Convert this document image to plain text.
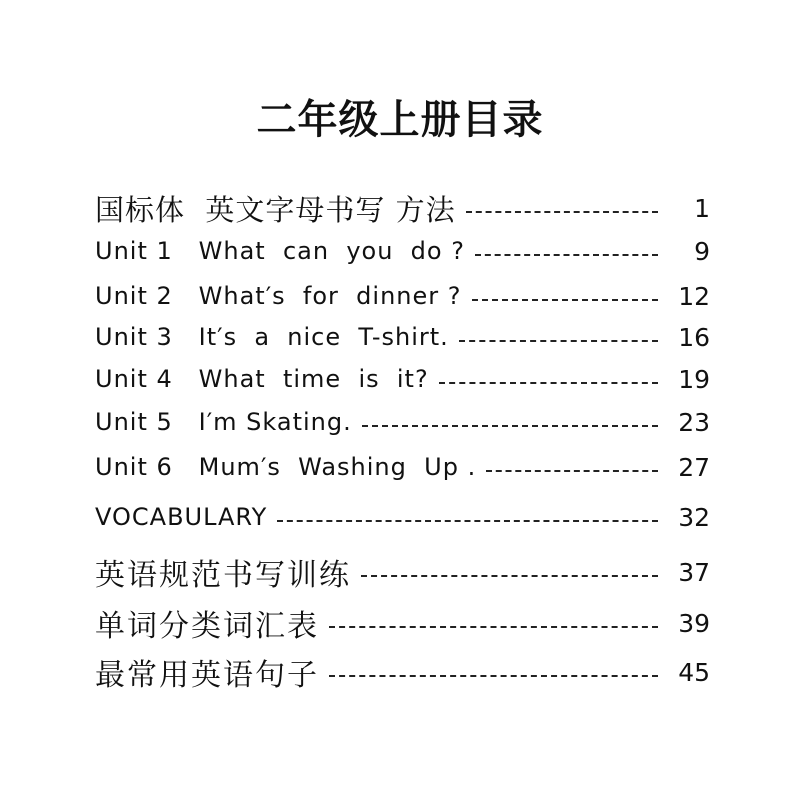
二年级上册目录
国标体  英文字母书写 方法	1
Unit 1   What  can  you  do ?	9
Unit 2   What′s  for  dinner ?	12
Unit 3   It′s  a  nice  T-shirt.	16
Unit 4   What  time  is  it?	19
Unit 5   I′m Skating.	23
Unit 6   Mum′s  Washing  Up .	27
VOCABULARY	32
英语规范书写训练	37
单词分类词汇表	39
最常用英语句子	45
